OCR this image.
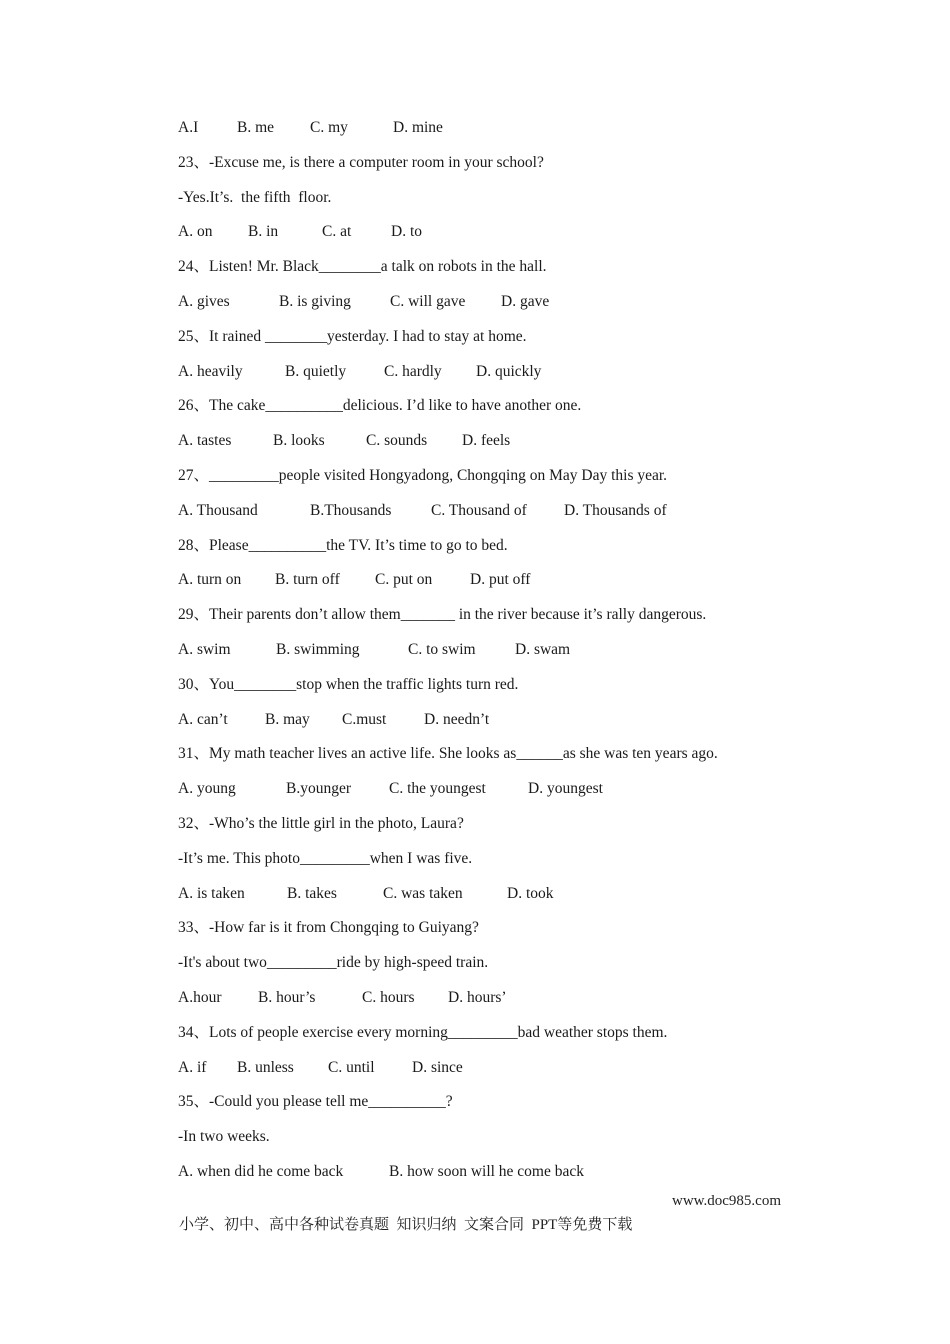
A.I	B. me C. my	D. mine
23、-Excuse me, is there a computer room in your school?
-Yes.It’s.  the fifth  floor.
A. on B. in	C. at	D. to
24、Listen! Mr. Black________a talk on robots in the hall.
A. gives	B. is giving	C. will gave D. gave
25、It rained ________yesterday. I had to stay at home.
A. heavily	B. quietly C. hardly D. quickly
26、The cake__________delicious. I’d like to have another one.
A. tastes	B. looks	C. sounds D. feels
27、_________people visited Hongyadong, Chongqing on May Day this year.
A. Thousand	B.Thousands	C. Thousand of D. Thousands of
28、Please__________the TV. It’s time to go to bed.
A. turn on B. turn off C. put on D. put off
29、Their parents don’t allow them_______ in the river because it’s rally dangerous.
A. swim	B. swimming	C. to swim	D. swam
30、You________stop when the traffic lights turn red.
A. can’t B. may C.must D. needn’t
31、My math teacher lives an active life. She looks as______as she was ten years ago.
A. young	B.younger C. the youngest	D. youngest
32、-Who’s the little girl in the photo, Laura?
-It’s me. This photo_________when I was five.
A. is taken	B. takes	C. was taken	D. took
33、-How far is it from Chongqing to Guiyang?
-It's about two_________ride by high-speed train.
A.hour B. hour’s	C. hours D. hours’
34、Lots of people exercise every morning_________bad weather stops them.
A. if B. unless C. until D. since
35、-Could you please tell me__________?
-In two weeks.
A. when did he come back	B. how soon will he come back

小学、初中、高中各种试卷真题  知识归纳  文案合同  PPT等免费下载

www.doc985.com
